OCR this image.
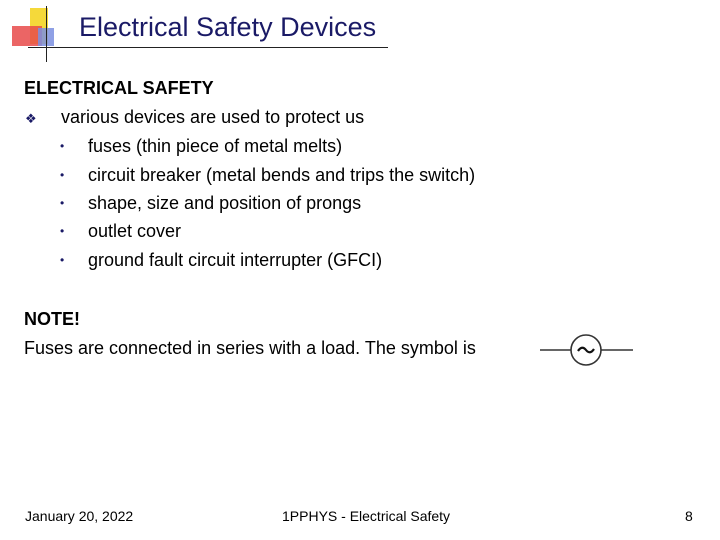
Electrical Safety Devices
ELECTRICAL SAFETY
❖ various devices are used to protect us
• fuses (thin piece of metal melts)
• circuit breaker (metal bends and trips the switch)
• shape, size and position of prongs
• outlet cover
• ground fault circuit interrupter (GFCI)
NOTE!
Fuses are connected in series with a load. The symbol is
January 20, 2022	1PPHYS - Electrical Safety	8
